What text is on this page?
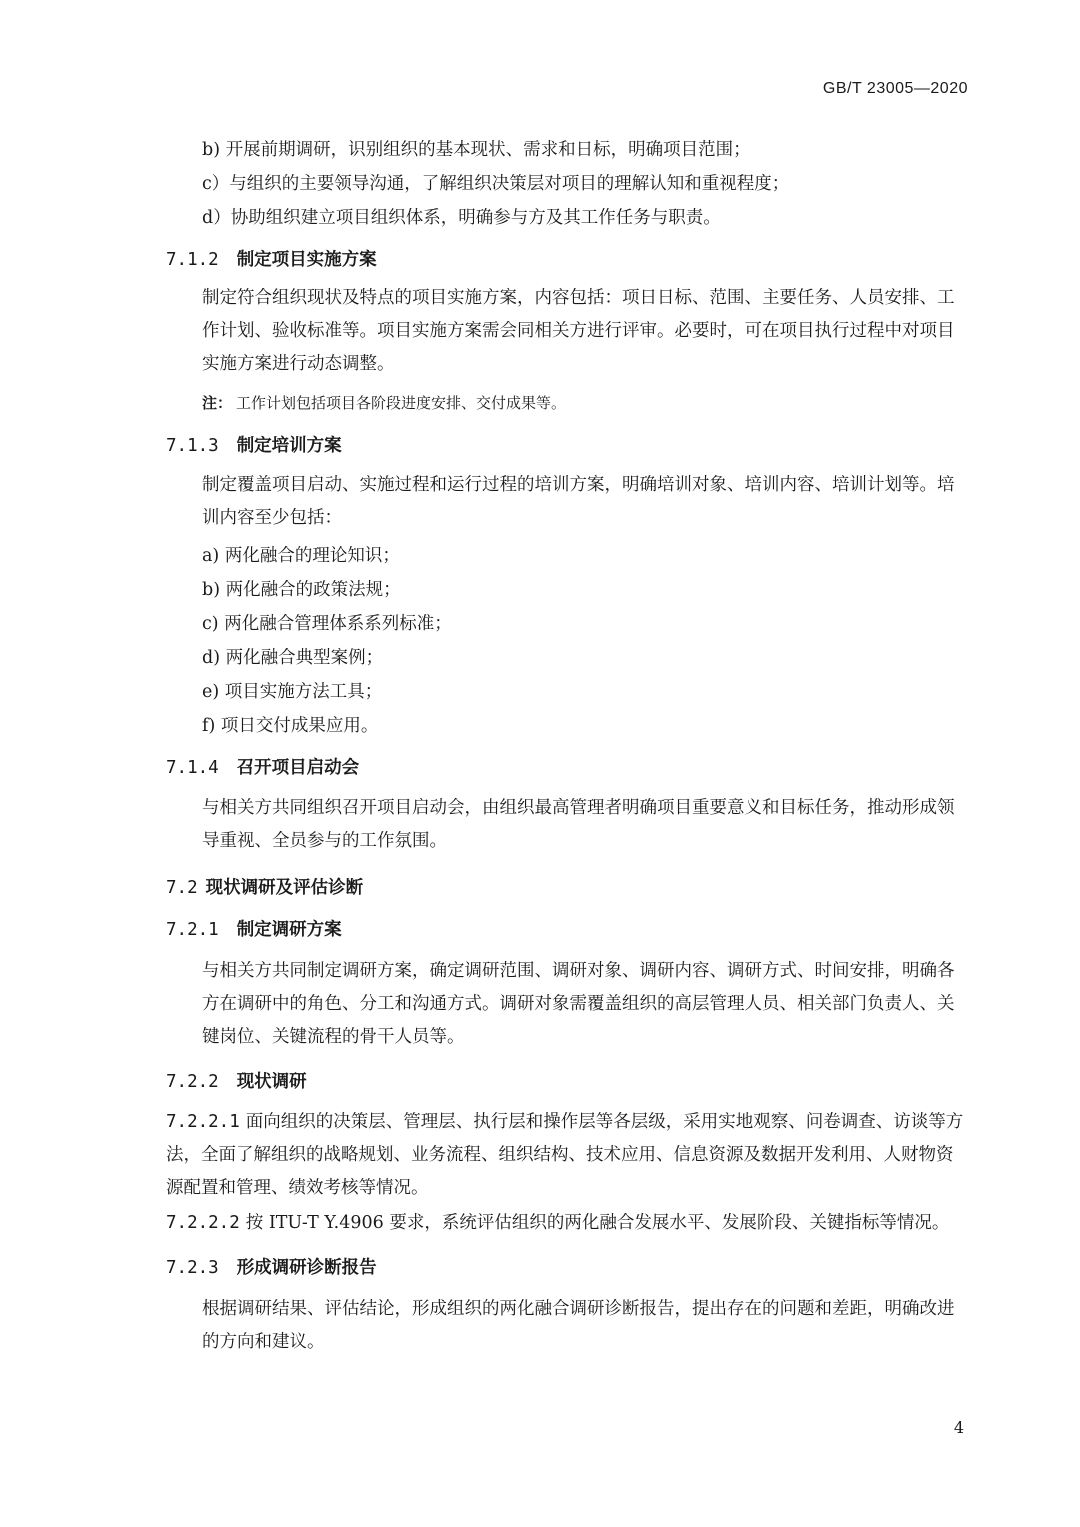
GB/T 23005—2020
b) 开展前期调研，识别组织的基本现状、需求和日标，明确项目范围；
c）与组织的主要领导沟通，了解组织决策层对项目的理解认知和重视程度；
d）协助组织建立项目组织体系，明确参与方及其工作任务与职责。
7.1.2 制定项目实施方案
制定符合组织现状及特点的项目实施方案，内容包括：项日日标、范围、主要任务、人员安排、工作计划、验收标准等。项目实施方案需会同相关方进行评审。必要时，可在项目执行过程中对项目实施方案进行动态调整。
注： 工作计划包括项目各阶段进度安排、交付成果等。
7.1.3 制定培训方案
制定覆盖项目启动、实施过程和运行过程的培训方案，明确培训对象、培训内容、培训计划等。培训内容至少包括：
a) 两化融合的理论知识；
b) 两化融合的政策法规；
c) 两化融合管理体系系列标准；
d) 两化融合典型案例；
e) 项目实施方法工具；
f) 项日交付成果应用。
7.1.4 召开项目启动会
与相关方共同组织召开项目启动会，由组织最高管理者明确项目重要意义和目标任务，推动形成领导重视、全员参与的工作氛围。
7.2 现状调研及评估诊断
7.2.1 制定调研方案
与相关方共同制定调研方案，确定调研范围、调研对象、调研内容、调研方式、时间安排，明确各方在调研中的角色、分工和沟通方式。调研对象需覆盖组织的高层管理人员、相关部门负责人、关键岗位、关键流程的骨干人员等。
7.2.2 现状调研
7.2.2.1 面向组织的决策层、管理层、执行层和操作层等各层级，采用实地观察、问卷调查、访谈等方法，全面了解组织的战略规划、业务流程、组织结构、技术应用、信息资源及数据开发利用、人财物资源配置和管理、绩效考核等情况。
7.2.2.2 按 ITU-T Y.4906 要求，系统评估组织的两化融合发展水平、发展阶段、关键指标等情况。
7.2.3 形成调研诊断报告
根据调研结果、评估结论，形成组织的两化融合调研诊断报告，提出存在的问题和差距，明确改进的方向和建议。
4
